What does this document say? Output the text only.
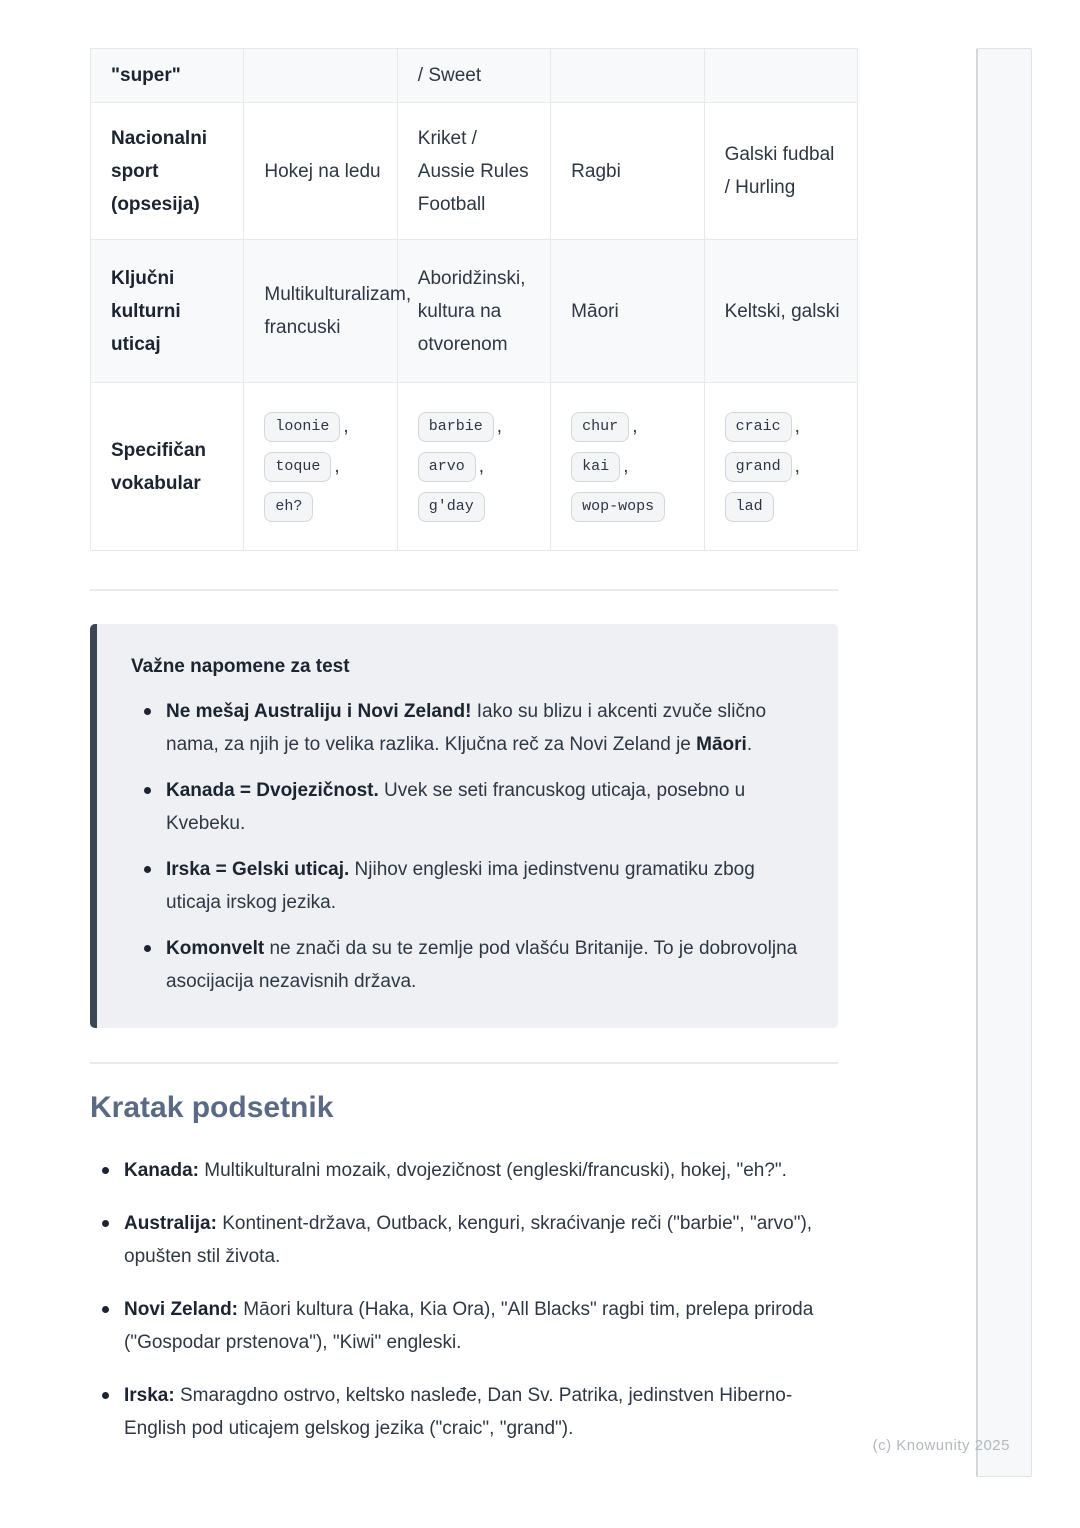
"super"		/ Sweet		
Nacionalni sport (opsesija)	Hokej na ledu	Kriket / Aussie Rules Football	Ragbi	Galski fudbal / Hurling
Ključni kulturni uticaj	Multikulturalizam, francuski	Aboridžinski, kultura na otvorenom	Māori	Keltski, galski
Specifičan vokabular	loonie ,toque ,eh?	barbie ,arvo ,g'day	chur ,kai ,wop-wops	craic ,grand ,lad
Važne napomene za test
Ne mešaj Australiju i Novi Zeland! Iako su blizu i akcenti zvuče slično nama, za njih je to velika razlika. Ključna reč za Novi Zeland je Māori.
Kanada = Dvojezičnost. Uvek se seti francuskog uticaja, posebno u Kvebeku.
Irska = Gelski uticaj. Njihov engleski ima jedinstvenu gramatiku zbog uticaja irskog jezika.
Komonvelt ne znači da su te zemlje pod vlašću Britanije. To je dobrovoljna asocijacija nezavisnih država.
Kratak podsetnik
Kanada: Multikulturalni mozaik, dvojezičnost (engleski/francuski), hokej, "eh?".
Australija: Kontinent-država, Outback, kenguri, skraćivanje reči ("barbie", "arvo"), opušten stil života.
Novi Zeland: Māori kultura (Haka, Kia Ora), "All Blacks" ragbi tim, prelepa priroda ("Gospodar prstenova"), "Kiwi" engleski.
Irska: Smaragdno ostrvo, keltsko nasleđe, Dan Sv. Patrika, jedinstven Hiberno-English pod uticajem gelskog jezika ("craic", "grand").
(c) Knowunity 2025
